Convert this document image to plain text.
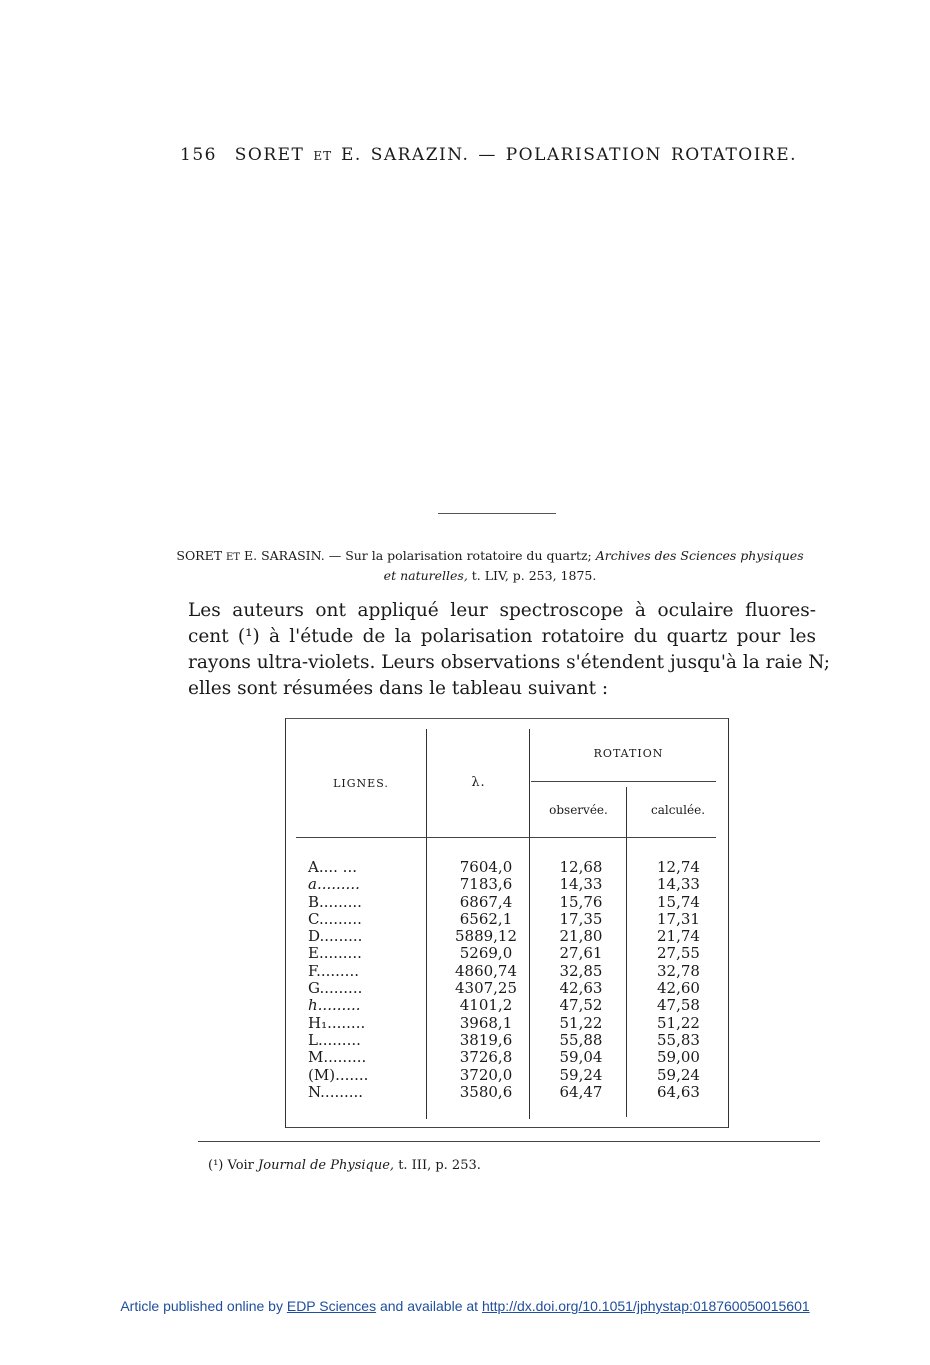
156 SORET ET E. SARAZIN. — POLARISATION ROTATOIRE.
SORET ET E. SARASIN. — Sur la polarisation rotatoire du quartz; Archives des Sciences physiques et naturelles, t. LIV, p. 253, 1875.
Les auteurs ont appliqué leur spectroscope à oculaire fluores-
cent (¹) à l'étude de la polarisation rotatoire du quartz pour les
rayons ultra-violets. Leurs observations s'étendent jusqu'à la raie N;
elles sont résumées dans le tableau suivant :
LIGNES.	λ.
ROTATION
observée.	calculée.
A.... ...
a.........
B.........
C.........
D.........
E.........
F.........
G.........
h.........
H₁........
L.........
M.........
(M).......
N.........
7604,0
7183,6
6867,4
6562,1
5889,12
5269,0
4860,74
4307,25
4101,2
3968,1
3819,6
3726,8
3720,0
3580,6
12,68
14,33
15,76
17,35
21,80
27,61
32,85
42,63
47,52
51,22
55,88
59,04
59,24
64,47
12,74
14,33
15,74
17,31
21,74
27,55
32,78
42,60
47,58
51,22
55,83
59,00
59,24
64,63
(¹) Voir Journal de Physique, t. III, p. 253.
Article published online by EDP Sciences and available at http://dx.doi.org/10.1051/jphystap:018760050015601
